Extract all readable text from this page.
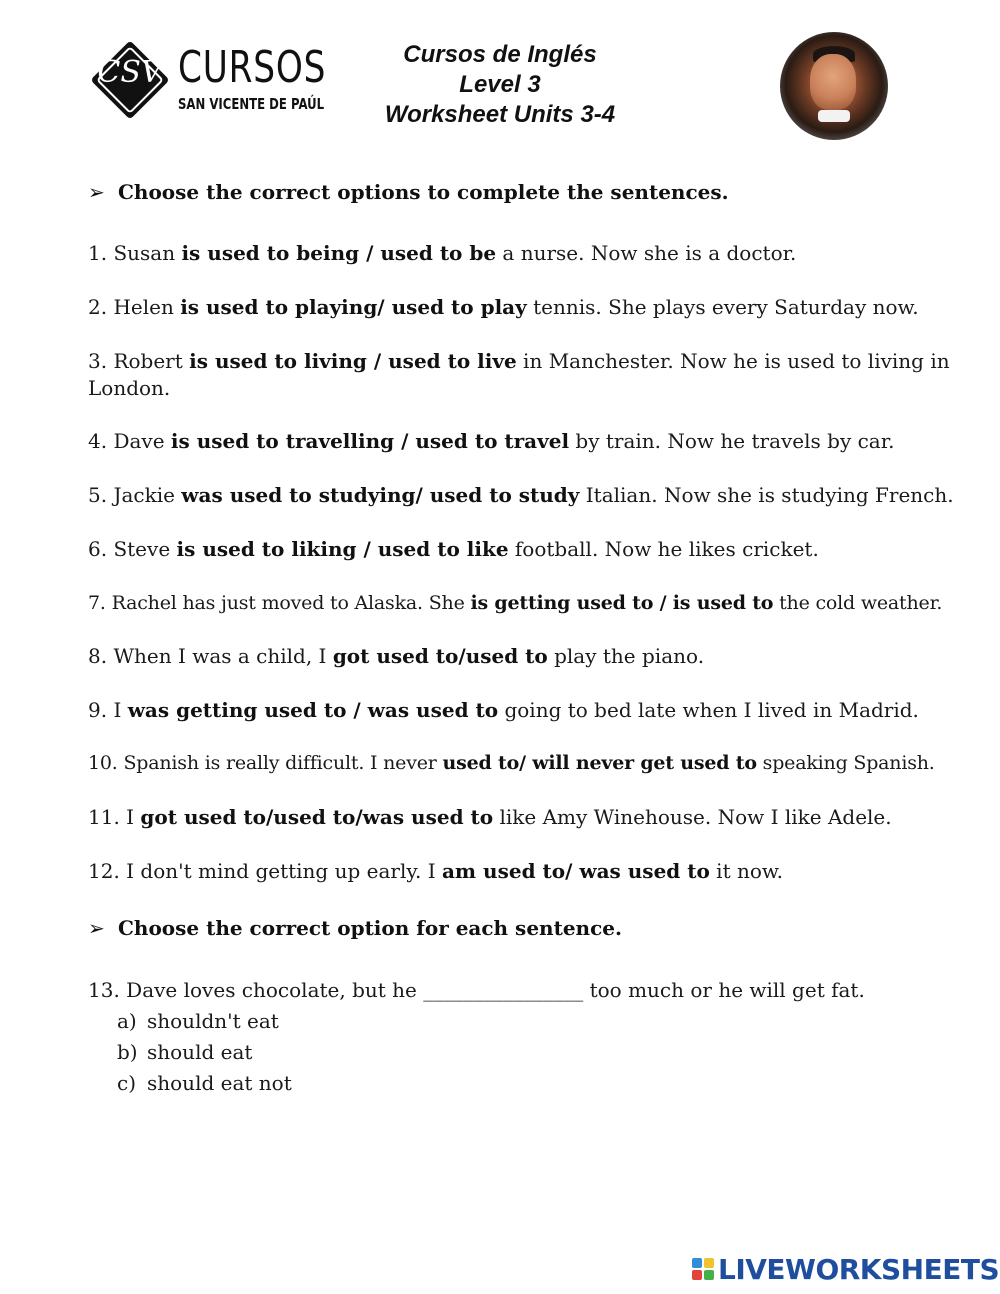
CSV CURSOS
SAN VICENTE DE PAÚL
Cursos de Inglés
Level 3
Worksheet Units 3-4
➢ Choose the correct options to complete the sentences.
1. Susan is used to being / used to be a nurse. Now she is a doctor.
2. Helen is used to playing/ used to play tennis. She plays every Saturday now.
3. Robert is used to living / used to live in Manchester. Now he is used to living in London.
4. Dave is used to travelling / used to travel by train. Now he travels by car.
5. Jackie was used to studying/ used to study Italian. Now she is studying French.
6. Steve is used to liking / used to like football. Now he likes cricket.
7. Rachel has just moved to Alaska. She is getting used to / is used to the cold weather.
8. When I was a child, I got used to/used to play the piano.
9. I was getting used to / was used to going to bed late when I lived in Madrid.
10. Spanish is really difficult. I never used to/ will never get used to speaking Spanish.
11. I got used to/used to/was used to like Amy Winehouse. Now I like Adele.
12. I don't mind getting up early. I am used to/ was used to it now.
➢ Choose the correct option for each sentence.
13. Dave loves chocolate, but he ________________ too much or he will get fat.
a) shouldn't eat
b) should eat
c) should eat not
LIVEWORKSHEETS
